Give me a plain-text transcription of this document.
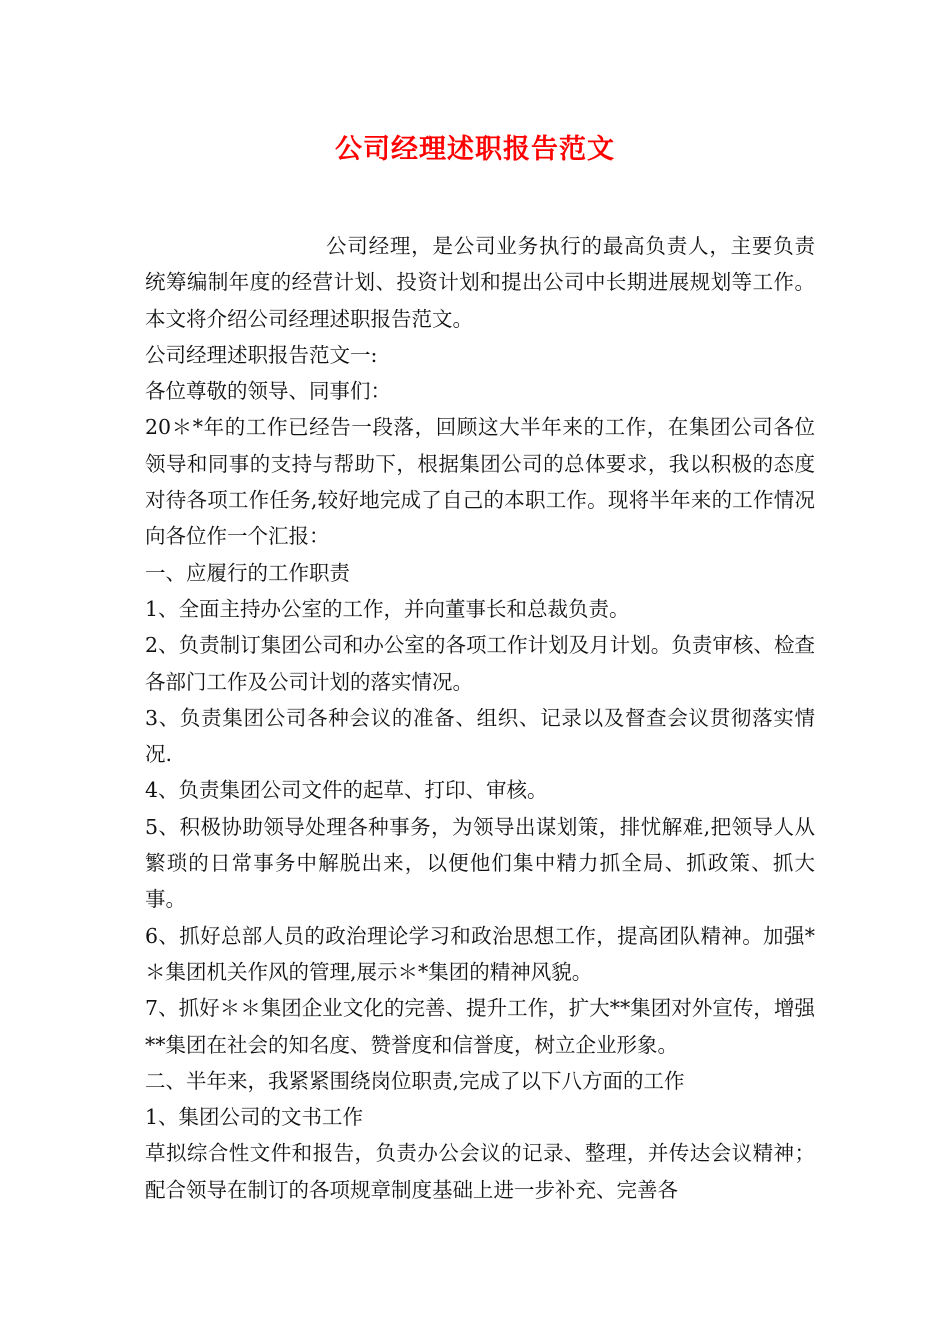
公司经理述职报告范文

公司经理，是公司业务执行的最高负责人，主要负责统筹编制年度的经营计划、投资计划和提出公司中长期进展规划等工作。本文将介绍公司经理述职报告范文。

公司经理述职报告范文一:

各位尊敬的领导、同事们：

20＊*年的工作已经告一段落，回顾这大半年来的工作，在集团公司各位领导和同事的支持与帮助下，根据集团公司的总体要求，我以积极的态度对待各项工作任务,较好地完成了自己的本职工作。现将半年来的工作情况向各位作一个汇报：

一、应履行的工作职责

1、全面主持办公室的工作，并向董事长和总裁负责。

2、负责制订集团公司和办公室的各项工作计划及月计划。负责审核、检查各部门工作及公司计划的落实情况。

3、负责集团公司各种会议的准备、组织、记录以及督查会议贯彻落实情况.

4、负责集团公司文件的起草、打印、审核。

5、积极协助领导处理各种事务，为领导出谋划策，排忧解难,把领导人从繁琐的日常事务中解脱出来，以便他们集中精力抓全局、抓政策、抓大事。

6、抓好总部人员的政治理论学习和政治思想工作，提高团队精神。加强*＊集团机关作风的管理,展示＊*集团的精神风貌。

7、抓好＊＊集团企业文化的完善、提升工作，扩大**集团对外宣传，增强**集团在社会的知名度、赞誉度和信誉度，树立企业形象。

二、半年来，我紧紧围绕岗位职责,完成了以下八方面的工作

1、集团公司的文书工作

草拟综合性文件和报告，负责办公会议的记录、整理，并传达会议精神；配合领导在制订的各项规章制度基础上进一步补充、完善各
